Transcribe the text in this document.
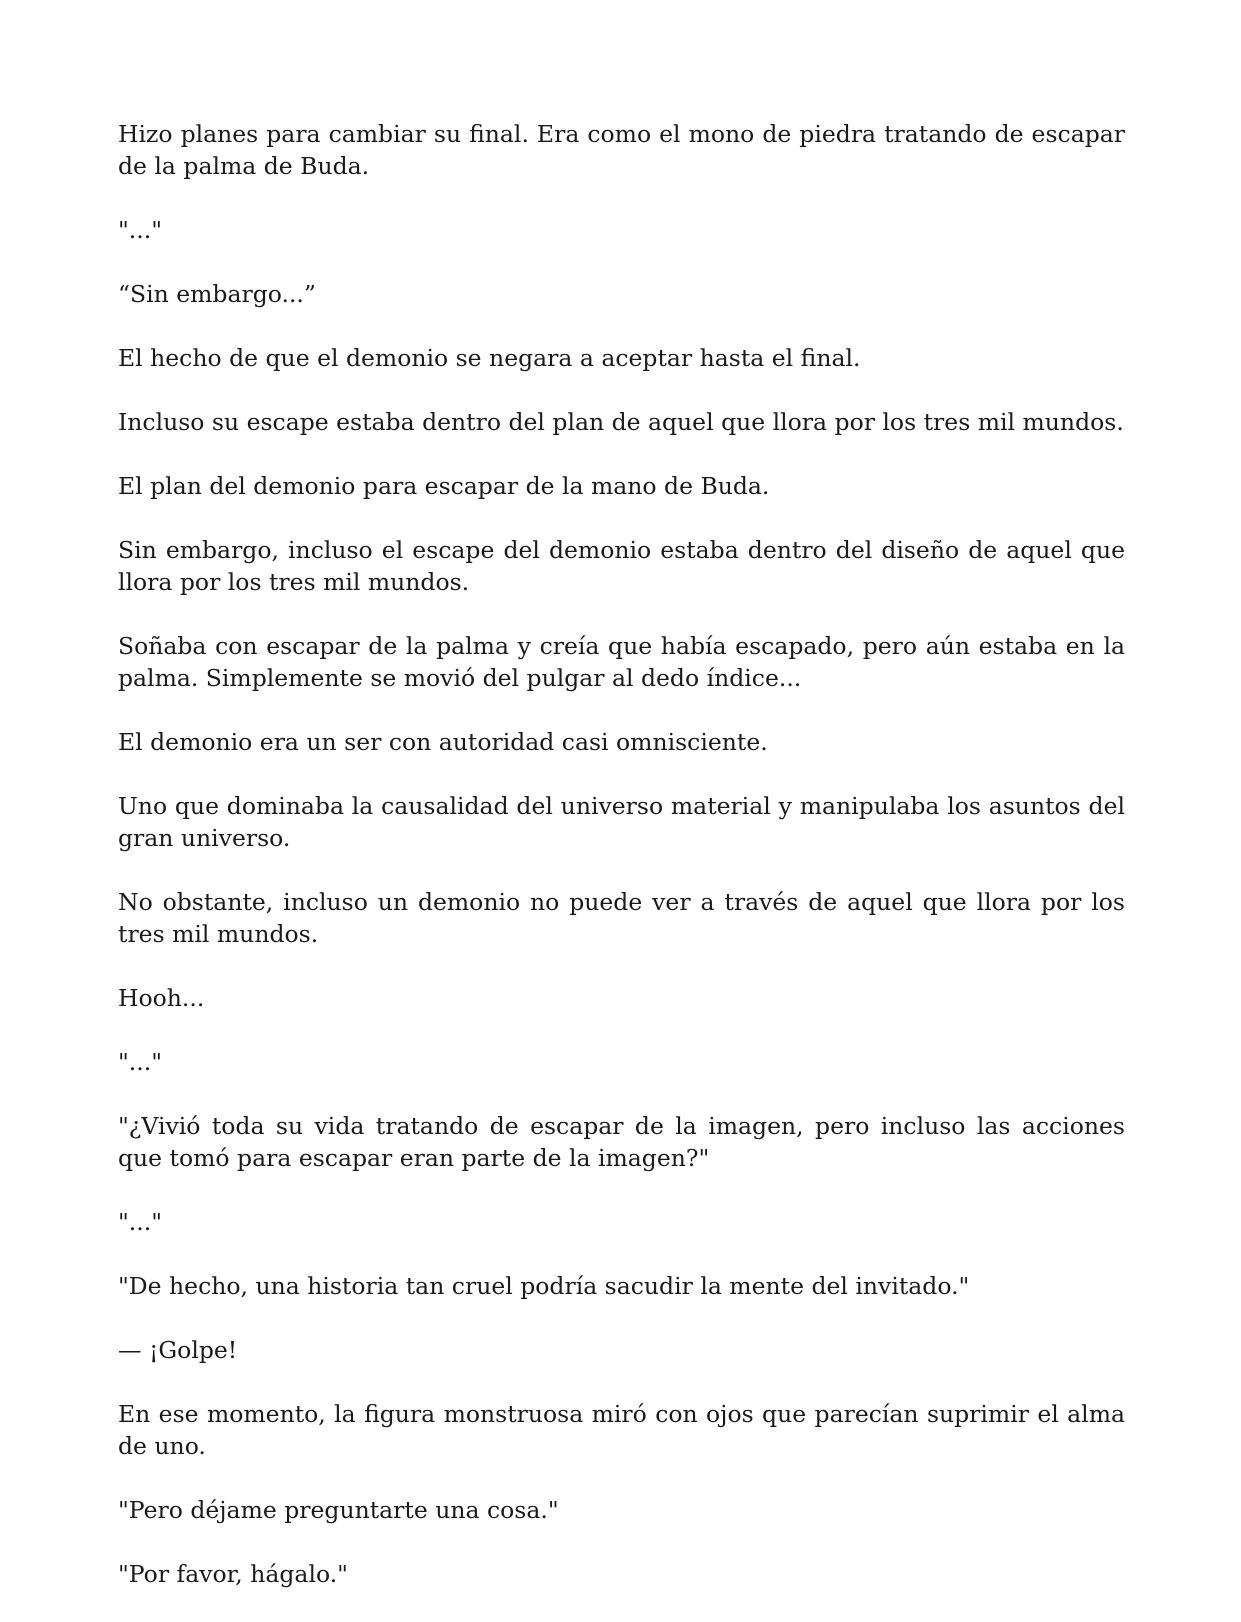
Hizo planes para cambiar su final. Era como el mono de piedra tratando de escapar de la palma de Buda.

"..."

“Sin embargo...”

El hecho de que el demonio se negara a aceptar hasta el final.

Incluso su escape estaba dentro del plan de aquel que llora por los tres mil mundos.

El plan del demonio para escapar de la mano de Buda.

Sin embargo, incluso el escape del demonio estaba dentro del diseño de aquel que llora por los tres mil mundos.

Soñaba con escapar de la palma y creía que había escapado, pero aún estaba en la palma. Simplemente se movió del pulgar al dedo índice...

El demonio era un ser con autoridad casi omnisciente.

Uno que dominaba la causalidad del universo material y manipulaba los asuntos del gran universo.

No obstante, incluso un demonio no puede ver a través de aquel que llora por los tres mil mundos.

Hooh...

"..."

"¿Vivió toda su vida tratando de escapar de la imagen, pero incluso las acciones que tomó para escapar eran parte de la imagen?"

"..."

"De hecho, una historia tan cruel podría sacudir la mente del invitado."

— ¡Golpe!

En ese momento, la figura monstruosa miró con ojos que parecían suprimir el alma de uno.

"Pero déjame preguntarte una cosa."

"Por favor, hágalo."
